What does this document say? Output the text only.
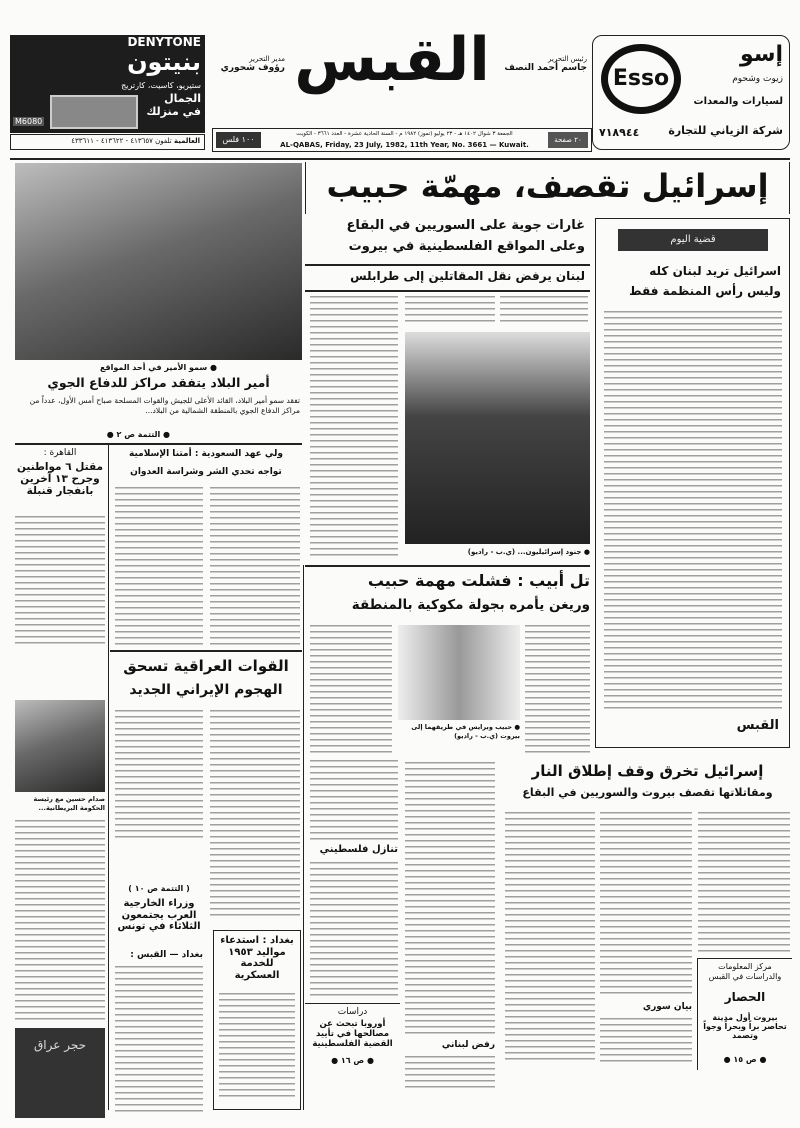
DENYTONE
بنيتون
ستيريو، كاسيت، كارتريج
الجمال في منزلك
M6080
العالمية تلفون ٤١٣٦٥٧ - ٤١٣٦٢٢ - ٤٣٣٦١١
مدير التحرير
رؤوف شحوري القبس	رئيس التحرير
جاسم أحمد النصف
١٠٠ فلس	٢٠ صفحة
الجمعة ٣ شوال ١٤٠٢ هـ - ٢٣ يوليو (تموز) ١٩٨٢ م - السنة الحادية عشرة - العدد ٣٦٦١ - الكويت
AL-QABAS, Friday, 23 July, 1982, 11th Year, No. 3661 — Kuwait.
Esso
إسو
زيوت وشحوم
لسيارات والمعدات
شركة الزياني للتجارة
٧١٨٩٤٤
● سمو الأمير في أحد المواقع
أمير البلاد يتفقد مراكز للدفاع الجوي
تفقد سمو أمير البلاد، القائد الأعلى للجيش والقوات المسلحة صباح أمس الأول، عدداً من مراكز الدفاع الجوي بالمنطقة الشمالية من البلاد...
● التتمة ص ٢ ●
إسرائيل تقصف، مهمّة حبيب
غارات جوية على السوريين في البقاع
وعلى المواقع الفلسطينية في بيروت
لبنان يرفض نقل المقاتلين إلى طرابلس
● جنود إسرائيليون... (ي.ب - راديو)
قضية اليوم
اسرائيل تريد لبنان كله
وليس رأس المنظمة فقط
القبس
تل أبيب : فشلت مهمة حبيب
وريغن يأمره بجولة مكوكية بالمنطقة
● حبيب وبرايس في طريقهما إلى بيروت (ي.ب - راديو)
القاهرة :
مقتل ٦ مواطنين وجرح ١٣ آخرين بانفجار قنبلة
ولي عهد السعودية : أمتنا الإسلامية
تواجه تحدي الشر وشراسة العدوان
صدام حسين مع رئيسة الحكومة البريطانية...
حجر عراق
القوات العراقية تسحق
الهجوم الإيراني الجديد
( التتمة ص ١٠ )
وزراء الخارجية العرب يجتمعون الثلاثاء في تونس
بغداد — القبس :
بغداد : استدعاء مواليد ١٩٥٣ للخدمة العسكرية
تنازل فلسطيني
دراسات
أوروبا تبحث عن مصالحها في تأييد القضية الفلسطينية
● ص ١٦ ●
رفض لبناني
إسرائيل تخرق وقف إطلاق النار
ومقاتلاتها تقصف بيروت والسوريين في البقاع
بيان سوري
مركز المعلومات والدراسات في القبس
الحصار
بيروت أول مدينة تحاصر براً وبحراً وجواً وتصمد
● ص ١٥ ●
